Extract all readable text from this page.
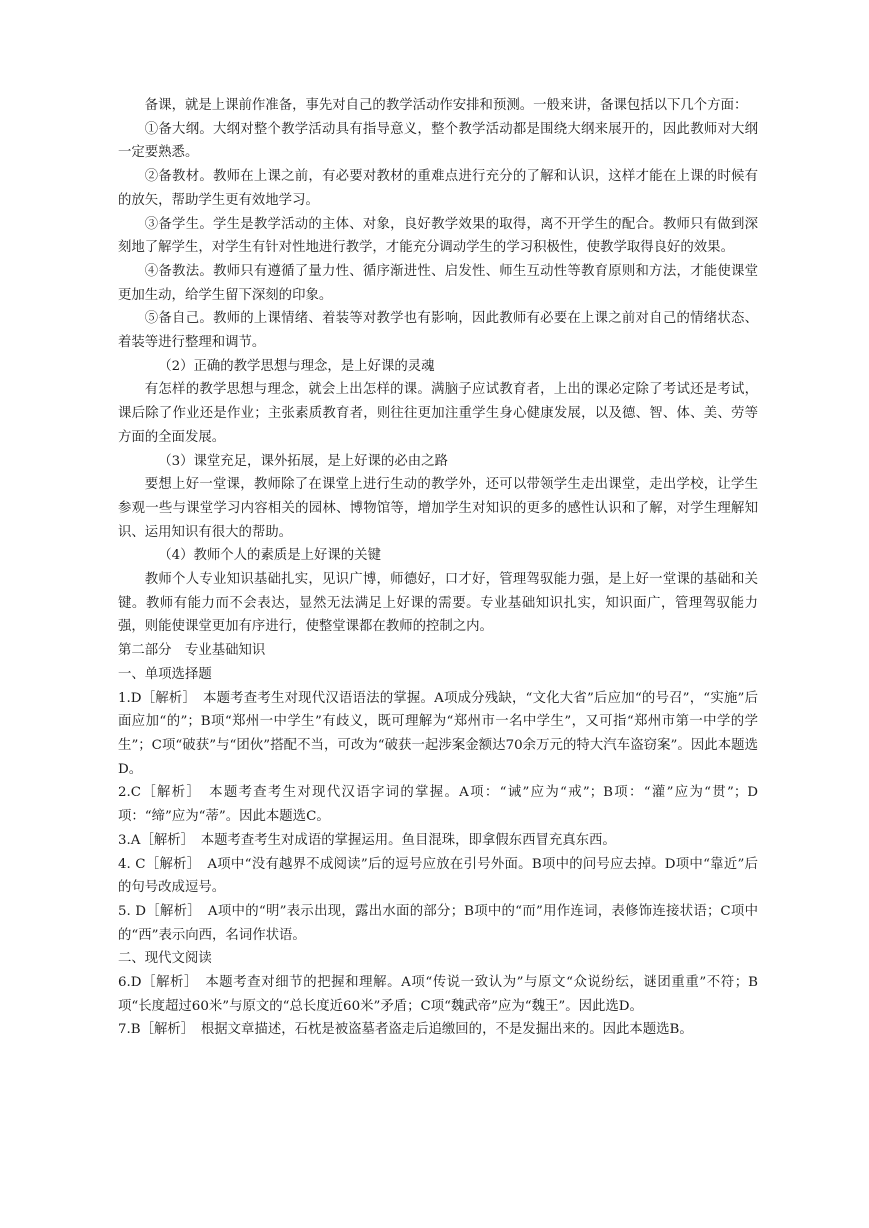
备课，就是上课前作准备，事先对自己的教学活动作安排和预测。一般来讲，备课包括以下几个方面：

①备大纲。大纲对整个教学活动具有指导意义，整个教学活动都是围绕大纲来展开的，因此教师对大纲一定要熟悉。

②备教材。教师在上课之前，有必要对教材的重难点进行充分的了解和认识，这样才能在上课的时候有的放矢，帮助学生更有效地学习。

③备学生。学生是教学活动的主体、对象，良好教学效果的取得，离不开学生的配合。教师只有做到深刻地了解学生，对学生有针对性地进行教学，才能充分调动学生的学习积极性，使教学取得良好的效果。

④备教法。教师只有遵循了量力性、循序渐进性、启发性、师生互动性等教育原则和方法，才能使课堂更加生动，给学生留下深刻的印象。

⑤备自己。教师的上课情绪、着装等对教学也有影响，因此教师有必要在上课之前对自己的情绪状态、着装等进行整理和调节。

（2）正确的教学思想与理念，是上好课的灵魂

有怎样的教学思想与理念，就会上出怎样的课。满脑子应试教育者，上出的课必定除了考试还是考试，课后除了作业还是作业；主张素质教育者，则往往更加注重学生身心健康发展，以及德、智、体、美、劳等方面的全面发展。

（3）课堂充足，课外拓展，是上好课的必由之路

要想上好一堂课，教师除了在课堂上进行生动的教学外，还可以带领学生走出课堂，走出学校，让学生参观一些与课堂学习内容相关的园林、博物馆等，增加学生对知识的更多的感性认识和了解，对学生理解知识、运用知识有很大的帮助。

（4）教师个人的素质是上好课的关键

教师个人专业知识基础扎实，见识广博，师德好，口才好，管理驾驭能力强，是上好一堂课的基础和关键。教师有能力而不会表达，显然无法满足上好课的需要。专业基础知识扎实，知识面广，管理驾驭能力强，则能使课堂更加有序进行，使整堂课都在教师的控制之内。

第二部分　专业基础知识

一、单项选择题

1.D［解析］　本题考查考生对现代汉语语法的掌握。A项成分残缺，“文化大省”后应加“的号召”，“实施”后面应加“的”；B项“郑州一中学生”有歧义，既可理解为“郑州市一名中学生”，又可指“郑州市第一中学的学生”；C项“破获”与“团伙”搭配不当，可改为“破获一起涉案金额达70余万元的特大汽车盗窃案”。因此本题选D。

2.C［解析］　本题考查考生对现代汉语字词的掌握。A项：“诫”应为“戒”；B项：“灌”应为“贯”；D项：“缔”应为“蒂”。因此本题选C。

3.A［解析］　本题考查考生对成语的掌握运用。鱼目混珠，即拿假东西冒充真东西。

4. C［解析］　A项中“没有越界不成阅读”后的逗号应放在引号外面。B项中的问号应去掉。D项中“靠近”后的句号改成逗号。

5. D［解析］　A项中的“明”表示出现，露出水面的部分；B项中的“而”用作连词，表修饰连接状语；C项中的“西”表示向西，名词作状语。

二、现代文阅读

6.D［解析］　本题考查对细节的把握和理解。A项“传说一致认为”与原文“众说纷纭，谜团重重”不符；B项“长度超过60米”与原文的“总长度近60米”矛盾；C项“魏武帝”应为“魏王”。因此选D。

7.B［解析］　根据文章描述，石枕是被盗墓者盗走后追缴回的，不是发掘出来的。因此本题选B。
